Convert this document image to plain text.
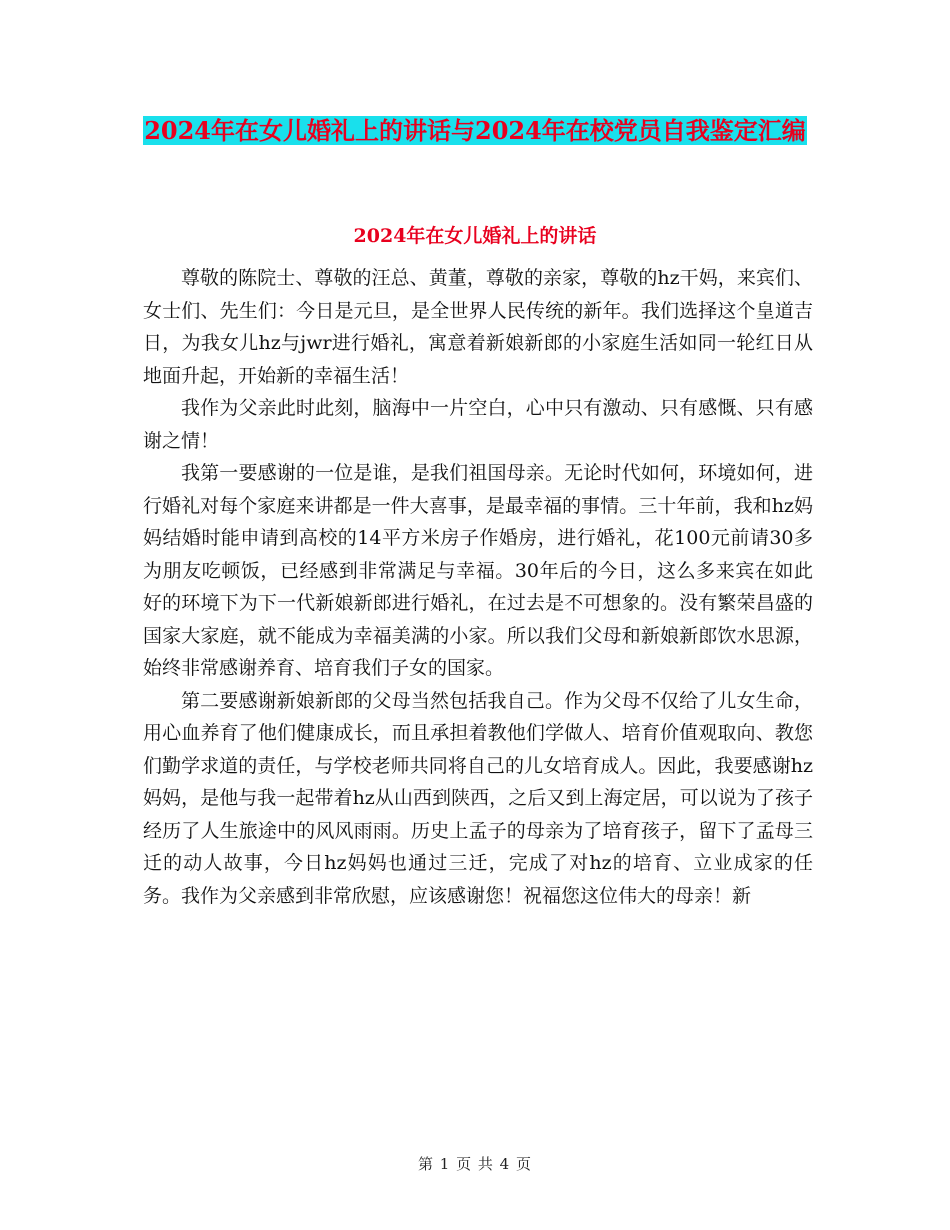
2024年在女儿婚礼上的讲话与2024年在校党员自我鉴定汇编
2024年在女儿婚礼上的讲话

尊敬的陈院士、尊敬的汪总、黄董，尊敬的亲家，尊敬的hz干妈，来宾们、女士们、先生们：今日是元旦，是全世界人民传统的新年。我们选择这个皇道吉日，为我女儿hz与jwr进行婚礼，寓意着新娘新郎的小家庭生活如同一轮红日从地面升起，开始新的幸福生活！

我作为父亲此时此刻，脑海中一片空白，心中只有激动、只有感慨、只有感谢之情！

我第一要感谢的一位是谁，是我们祖国母亲。无论时代如何，环境如何，进行婚礼对每个家庭来讲都是一件大喜事，是最幸福的事情。三十年前，我和hz妈妈结婚时能申请到高校的14平方米房子作婚房，进行婚礼，花100元前请30多为朋友吃顿饭，已经感到非常满足与幸福。30年后的今日，这么多来宾在如此好的环境下为下一代新娘新郎进行婚礼，在过去是不可想象的。没有繁荣昌盛的国家大家庭，就不能成为幸福美满的小家。所以我们父母和新娘新郎饮水思源，始终非常感谢养育、培育我们子女的国家。

第二要感谢新娘新郎的父母当然包括我自己。作为父母不仅给了儿女生命，用心血养育了他们健康成长，而且承担着教他们学做人、培育价值观取向、教您们勤学求道的责任，与学校老师共同将自己的儿女培育成人。因此，我要感谢hz妈妈，是他与我一起带着hz从山西到陕西，之后又到上海定居，可以说为了孩子经历了人生旅途中的风风雨雨。历史上孟子的母亲为了培育孩子，留下了孟母三迁的动人故事，今日hz妈妈也通过三迁，完成了对hz的培育、立业成家的任务。我作为父亲感到非常欣慰，应该感谢您！祝福您这位伟大的母亲！新

第 1 页 共 4 页
